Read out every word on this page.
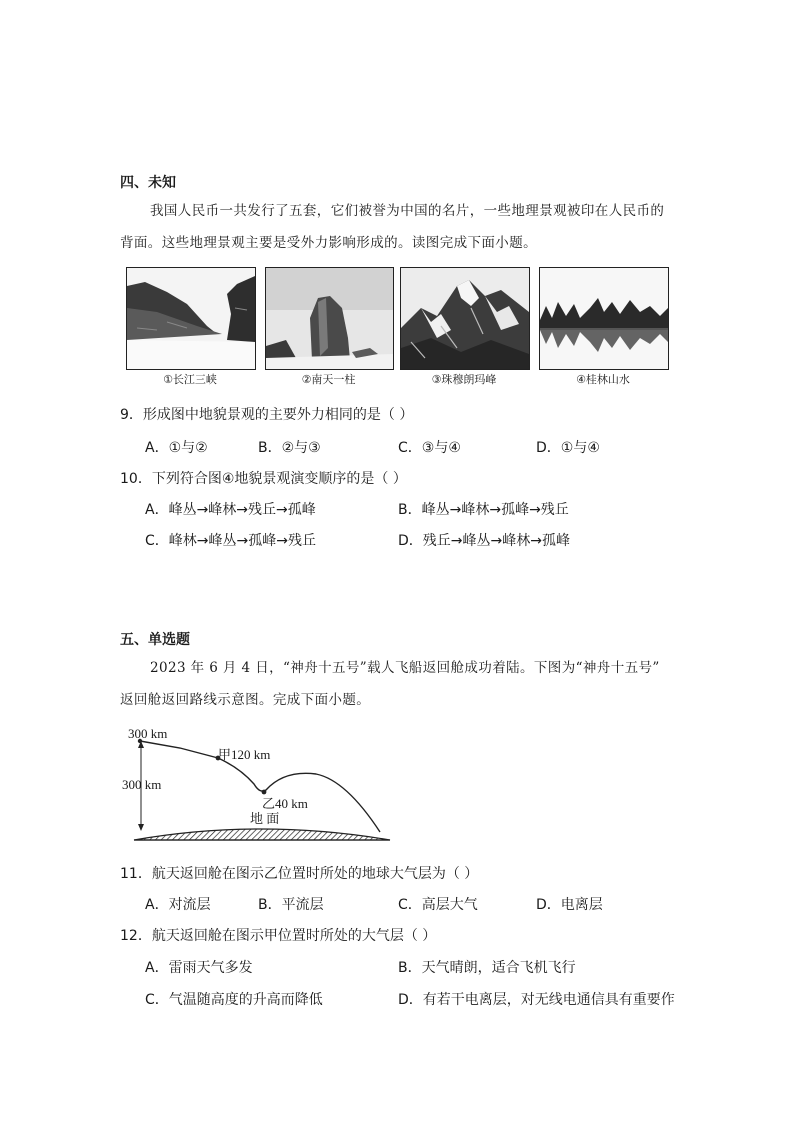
四、未知
我国人民币一共发行了五套，它们被誉为中国的名片，一些地理景观被印在人民币的
背面。这些地理景观主要是受外力影响形成的。读图完成下面小题。
①长江三峡	②南天一柱	③珠穆朗玛峰	④桂林山水
9．形成图中地貌景观的主要外力相同的是（ ）
A．①与②	B．②与③	C．③与④	D．①与④
10．下列符合图④地貌景观演变顺序的是（ ）
A．峰丛→峰林→残丘→孤峰	B．峰丛→峰林→孤峰→残丘
C．峰林→峰丛→孤峰→残丘	D．残丘→峰丛→峰林→孤峰
五、单选题
2023 年 6 月 4 日，“神舟十五号”载人飞船返回舱成功着陆。下图为“神舟十五号”
返回舱返回路线示意图。完成下面小题。
300 km
300 km
甲120 km
乙40 km
地 面
11．航天返回舱在图示乙位置时所处的地球大气层为（ ）
A．对流层	B．平流层	C．高层大气	D．电离层
12．航天返回舱在图示甲位置时所处的大气层（ ）
A．雷雨天气多发	B．天气晴朗，适合飞机飞行
C．气温随高度的升高而降低	D．有若干电离层，对无线电通信具有重要作
